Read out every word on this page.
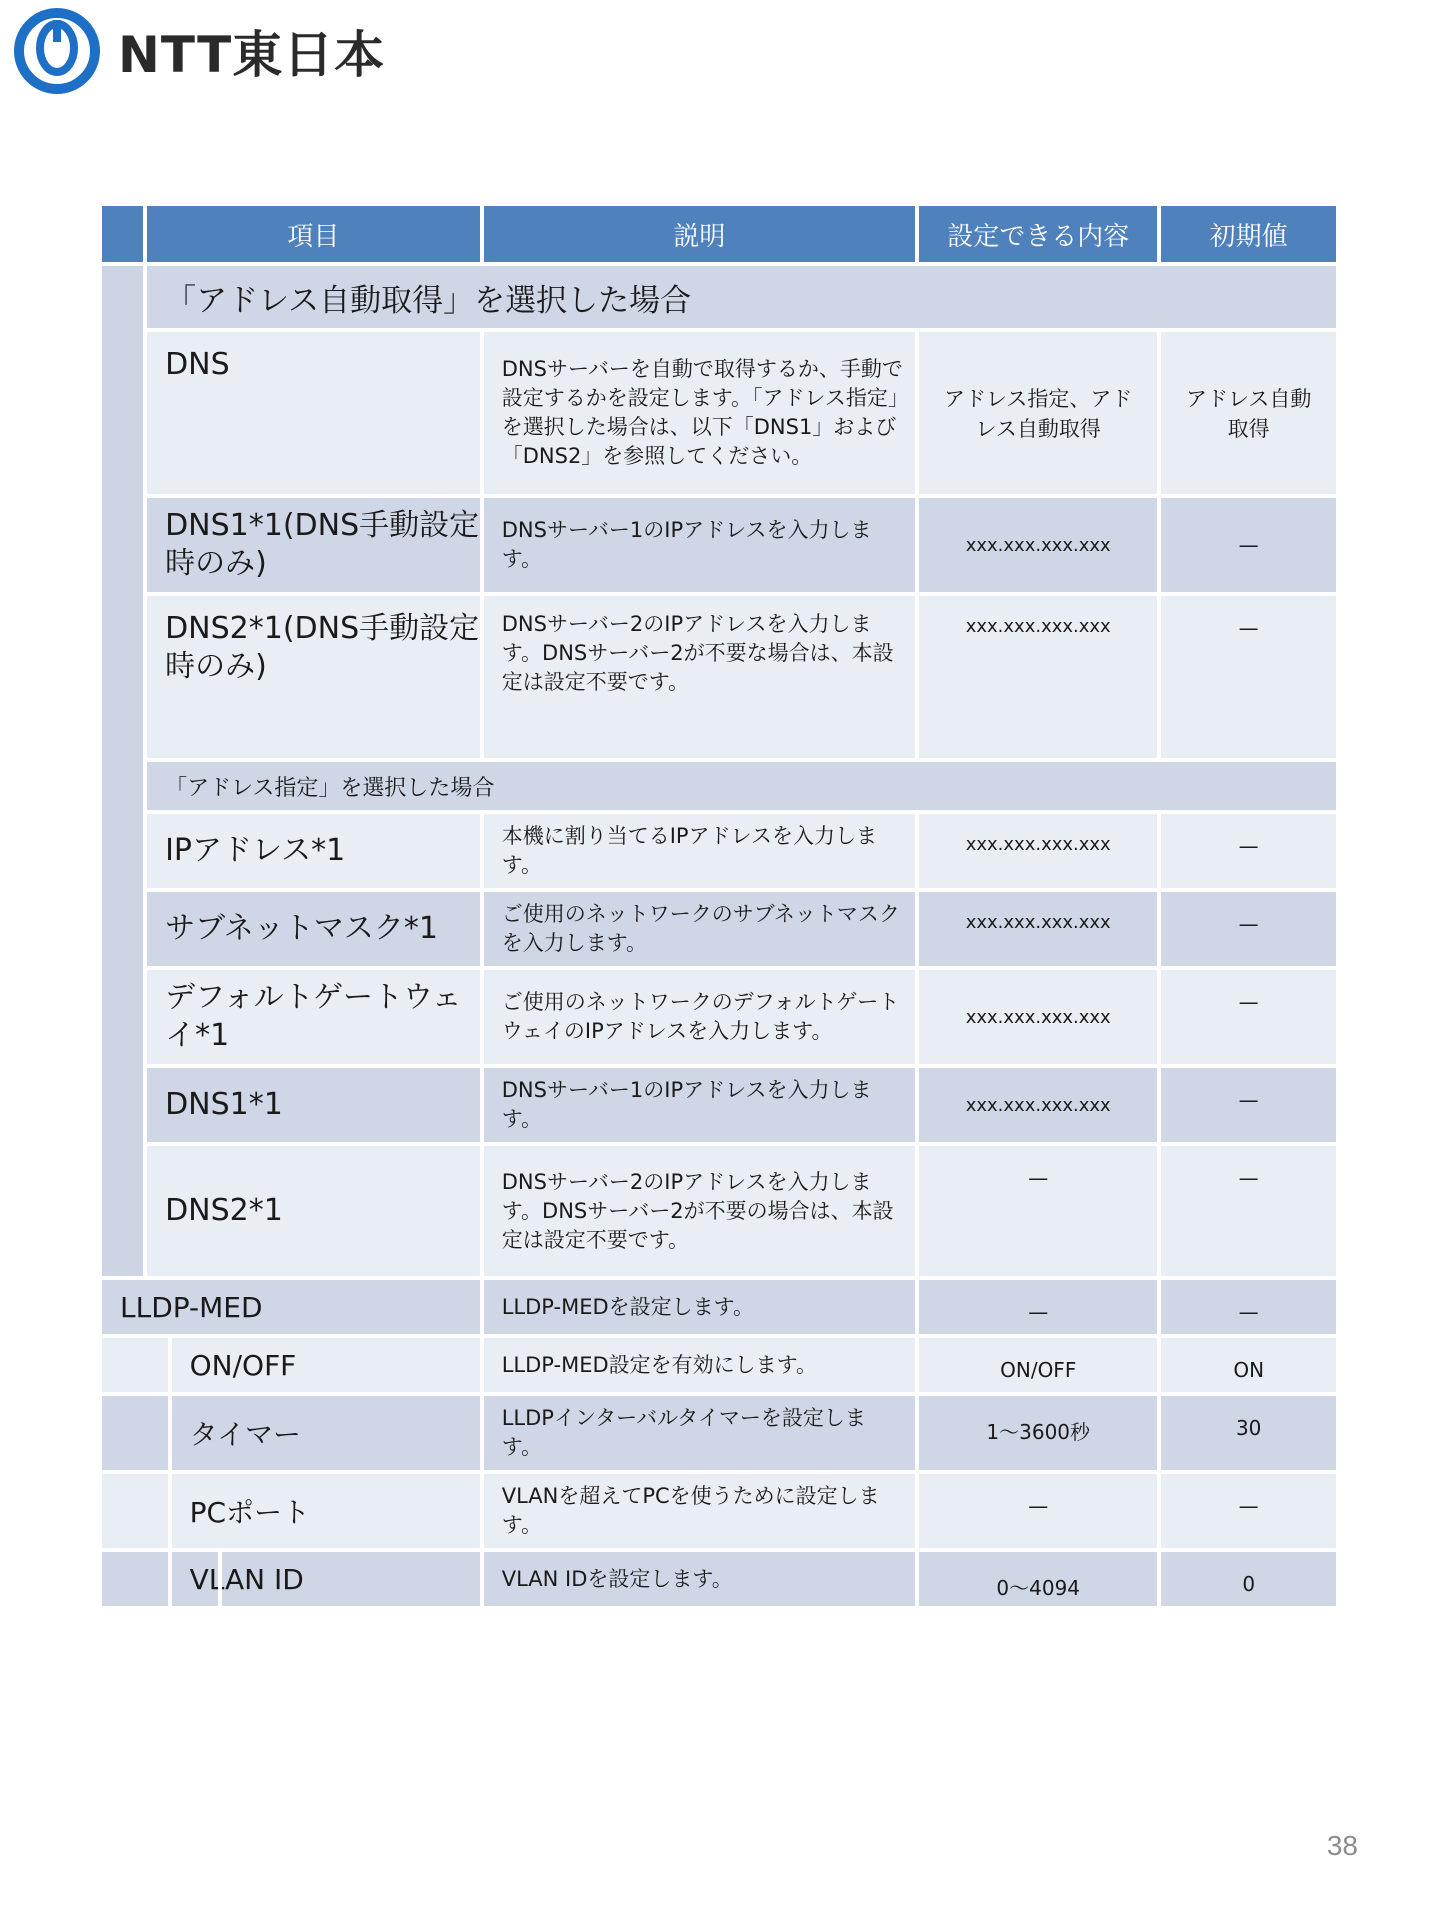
NTT東日本
	項目		説明	設定できる内容	初期値
	「アドレス自動取得」を選択した場合				
	DNS		DNSサーバーを自動で取得するか、手動で設定するかを設定します。「アドレス指定」を選択した場合は、以下「DNS1」および「DNS2」を参照してください。	アドレス指定、アドレス自動取得	アドレス自動取得
	DNS1*1(DNS手動設定時のみ)		DNSサーバー1のIPアドレスを入力します。	xxx.xxx.xxx.xxx	—
	DNS2*1(DNS手動設定時のみ)		DNSサーバー2のIPアドレスを入力します。DNSサーバー2が不要な場合は、本設定は設定不要です。	xxx.xxx.xxx.xxx	—
	「アドレス指定」を選択した場合				
	IPアドレス*1		本機に割り当てるIPアドレスを入力します。	xxx.xxx.xxx.xxx	—
	サブネットマスク*1		ご使用のネットワークのサブネットマスクを入力します。	xxx.xxx.xxx.xxx	—
	デフォルトゲートウェイ*1		ご使用のネットワークのデフォルトゲートウェイのIPアドレスを入力します。	xxx.xxx.xxx.xxx	—
	DNS1*1		DNSサーバー1のIPアドレスを入力します。	xxx.xxx.xxx.xxx	—
	DNS2*1		DNSサーバー2のIPアドレスを入力します。DNSサーバー2が不要の場合は、本設定は設定不要です。	—	—
LLDP-MED			LLDP-MEDを設定します。	—	—
		ON/OFF	LLDP-MED設定を有効にします。	ON/OFF	ON
		タイマー	LLDPインターバルタイマーを設定します。	1〜3600秒	30
		PCポート	VLANを超えてPCを使うために設定します。	—	—

		VLAN ID	VLAN IDを設定します。	0〜4094	0
38
